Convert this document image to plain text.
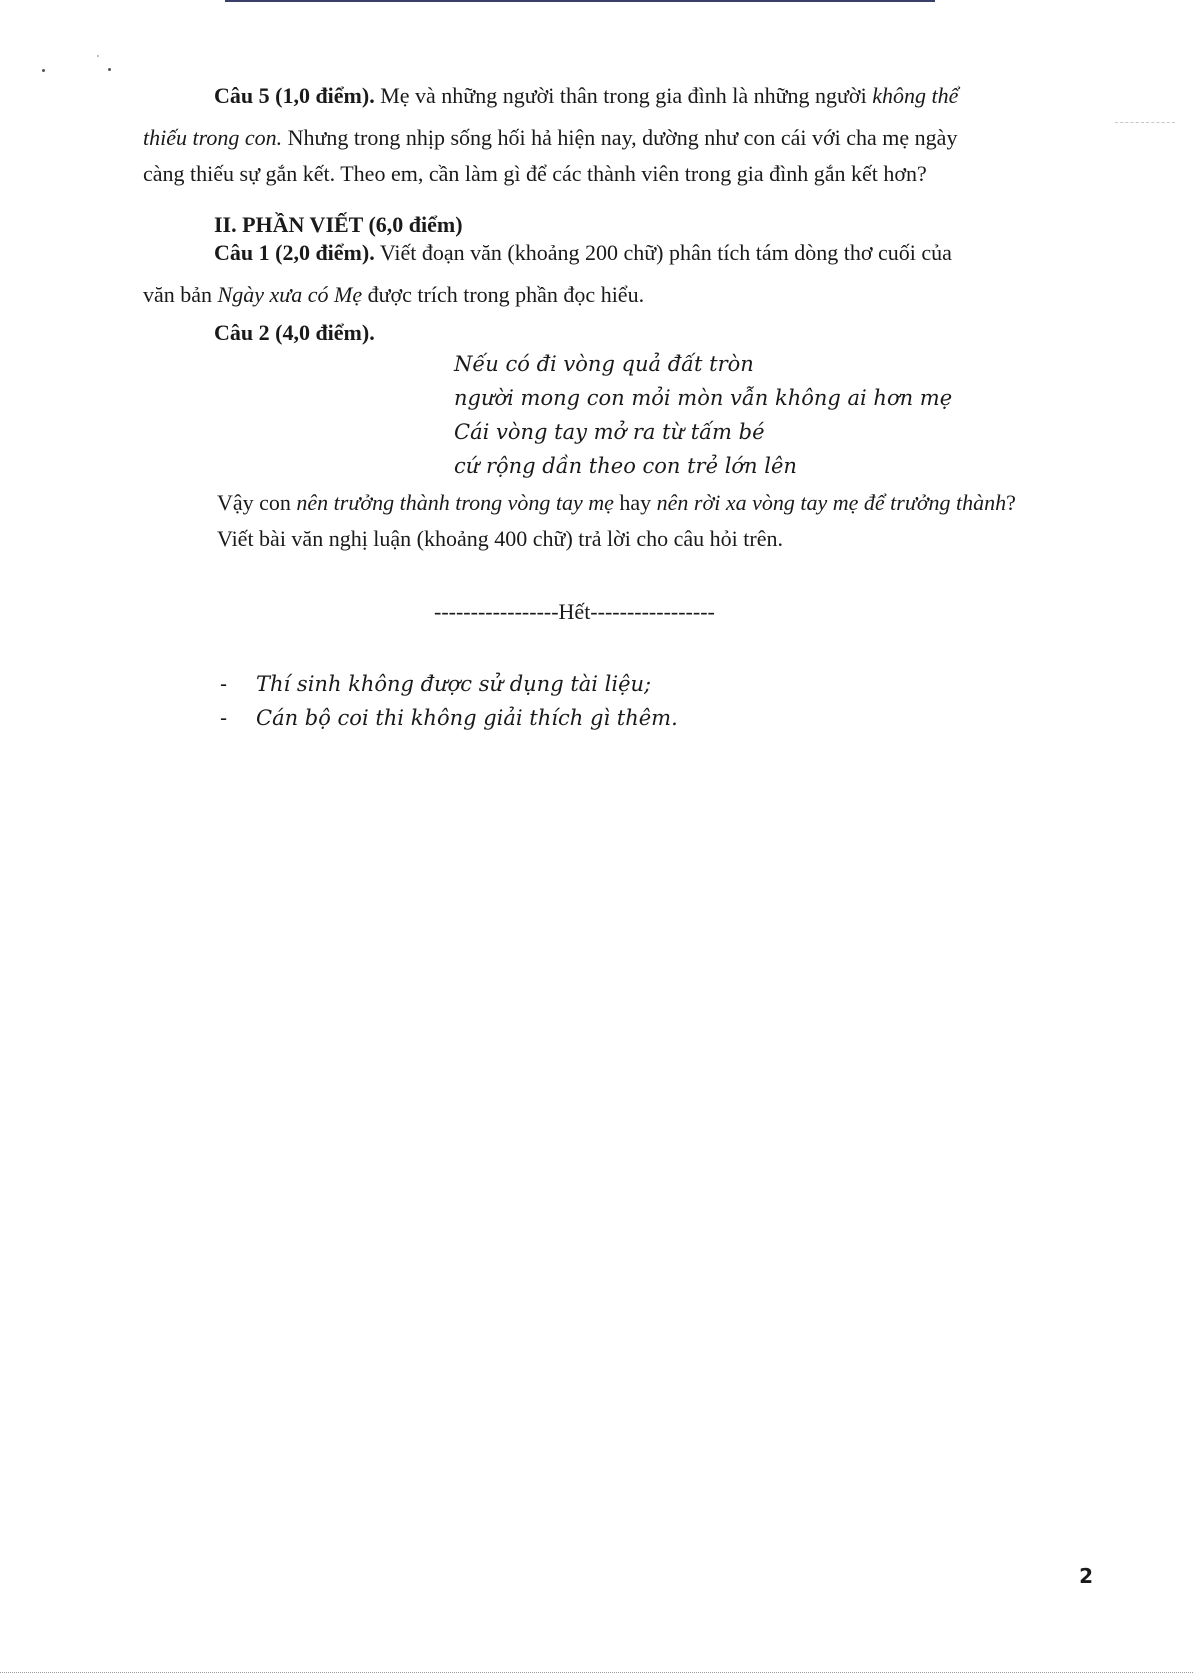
Câu 5 (1,0 điểm). Mẹ và những người thân trong gia đình là những người không thể
thiếu trong con. Nhưng trong nhịp sống hối hả hiện nay, dường như con cái với cha mẹ ngày
càng thiếu sự gắn kết. Theo em, cần làm gì để các thành viên trong gia đình gắn kết hơn?
II. PHẦN VIẾT (6,0 điểm)
Câu 1 (2,0 điểm). Viết đoạn văn (khoảng 200 chữ) phân tích tám dòng thơ cuối của
văn bản Ngày xưa có Mẹ được trích trong phần đọc hiểu.
Câu 2 (4,0 điểm).
Nếu có đi vòng quả đất tròn
người mong con mỏi mòn vẫn không ai hơn mẹ
Cái vòng tay mở ra từ tấm bé
cứ rộng dần theo con trẻ lớn lên
Vậy con nên trưởng thành trong vòng tay mẹ hay nên rời xa vòng tay mẹ để trưởng thành?
Viết bài văn nghị luận (khoảng 400 chữ) trả lời cho câu hỏi trên.
-----------------Hết-----------------
- Thí sinh không được sử dụng tài liệu;
- Cán bộ coi thi không giải thích gì thêm.
2
